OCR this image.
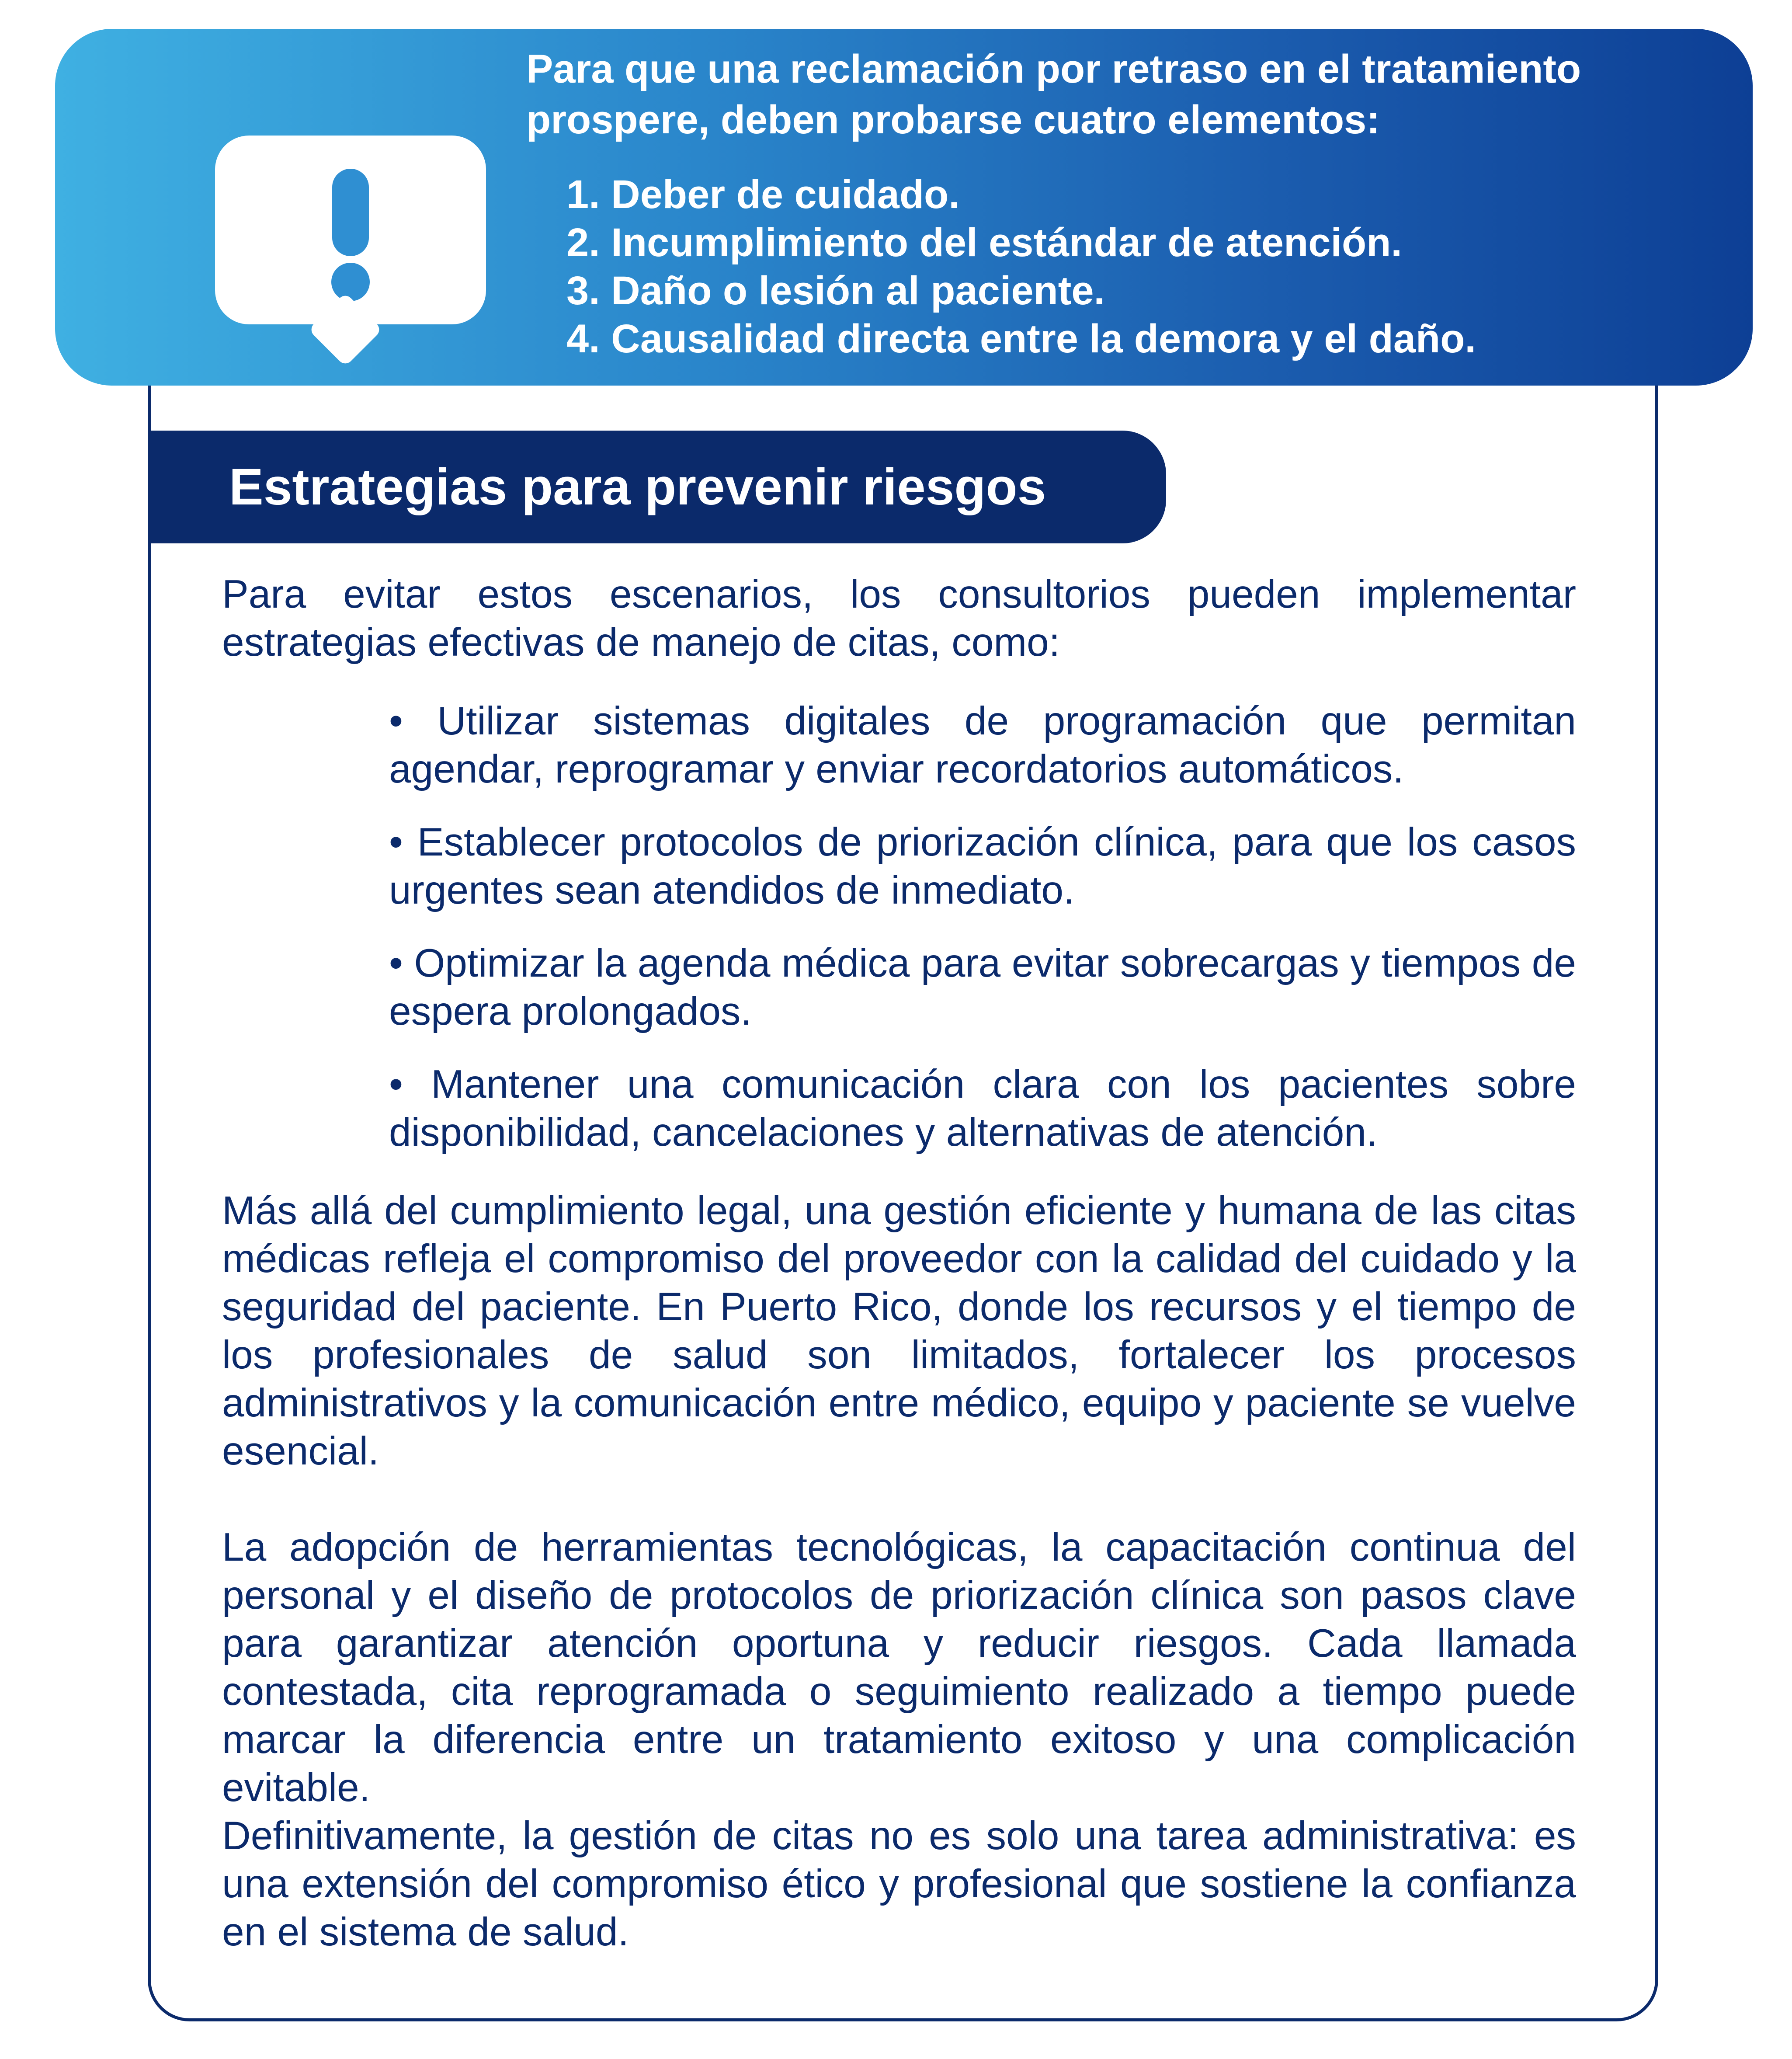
Para que una reclamación por retraso en el tratamiento prospere, deben probarse cuatro elementos:

1. Deber de cuidado.
2. Incumplimiento del estándar de atención.
3. Daño o lesión al paciente.
4. Causalidad directa entre la demora y el daño.
Estrategias para prevenir riesgos

Para evitar estos escenarios, los consultorios pueden implementar estrategias efectivas de manejo de citas, como:

• Utilizar sistemas digitales de programación que permitan agendar, reprogramar y enviar recordatorios automáticos.
• Establecer protocolos de priorización clínica, para que los casos urgentes sean atendidos de inmediato.
• Optimizar la agenda médica para evitar sobrecargas y tiempos de espera prolongados.
• Mantener una comunicación clara con los pacientes sobre disponibilidad, cancelaciones y alternativas de atención.

Más allá del cumplimiento legal, una gestión eficiente y humana de las citas médicas refleja el compromiso del proveedor con la calidad del cuidado y la seguridad del paciente. En Puerto Rico, donde los recursos y el tiempo de los profesionales de salud son limitados, fortalecer los procesos administrativos y la comunicación entre médico, equipo y paciente se vuelve esencial.

La adopción de herramientas tecnológicas, la capacitación continua del personal y el diseño de protocolos de priorización clínica son pasos clave para garantizar atención oportuna y reducir riesgos. Cada llamada contestada, cita reprogramada o seguimiento realizado a tiempo puede marcar la diferencia entre un tratamiento exitoso y una complicación evitable.

Definitivamente, la gestión de citas no es solo una tarea administrativa: es una extensión del compromiso ético y profesional que sostiene la confianza en el sistema de salud.
